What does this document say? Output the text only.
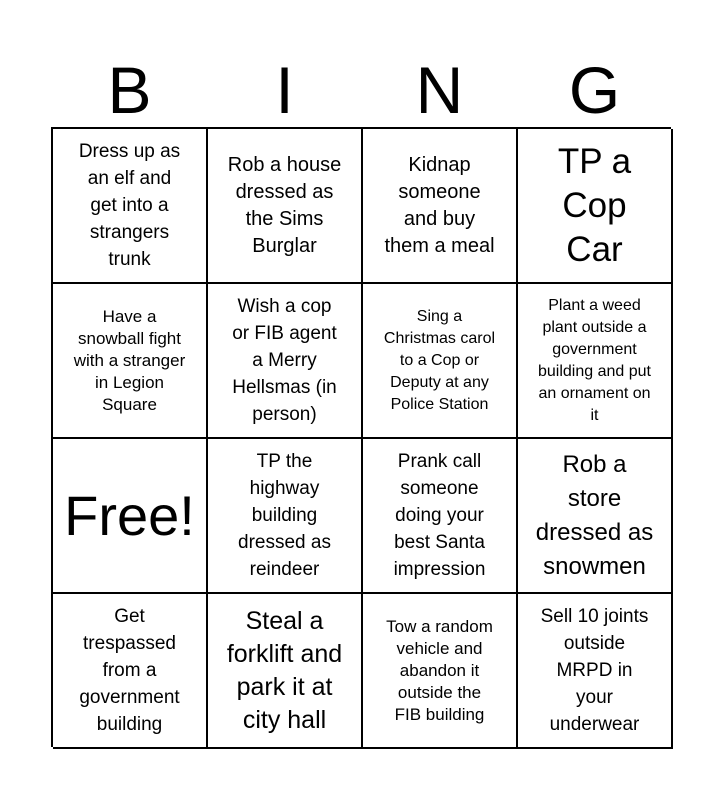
B	I	N	G
Dress up as
an elf and
get into a
strangers
trunk
Rob a house
dressed as
the Sims
Burglar
Kidnap
someone
and buy
them a meal
TP a
Cop
Car
Have a
snowball fight
with a stranger
in Legion
Square
Wish a cop
or FIB agent
a Merry
Hellsmas (in
person)
Sing a
Christmas carol
to a Cop or
Deputy at any
Police Station
Plant a weed
plant outside a
government
building and put
an ornament on
it
Free!
TP the
highway
building
dressed as
reindeer
Prank call
someone
doing your
best Santa
impression
Rob a
store
dressed as
snowmen
Get
trespassed
from a
government
building
Steal a
forklift and
park it at
city hall
Tow a random
vehicle and
abandon it
outside the
FIB building
Sell 10 joints
outside
MRPD in
your
underwear
